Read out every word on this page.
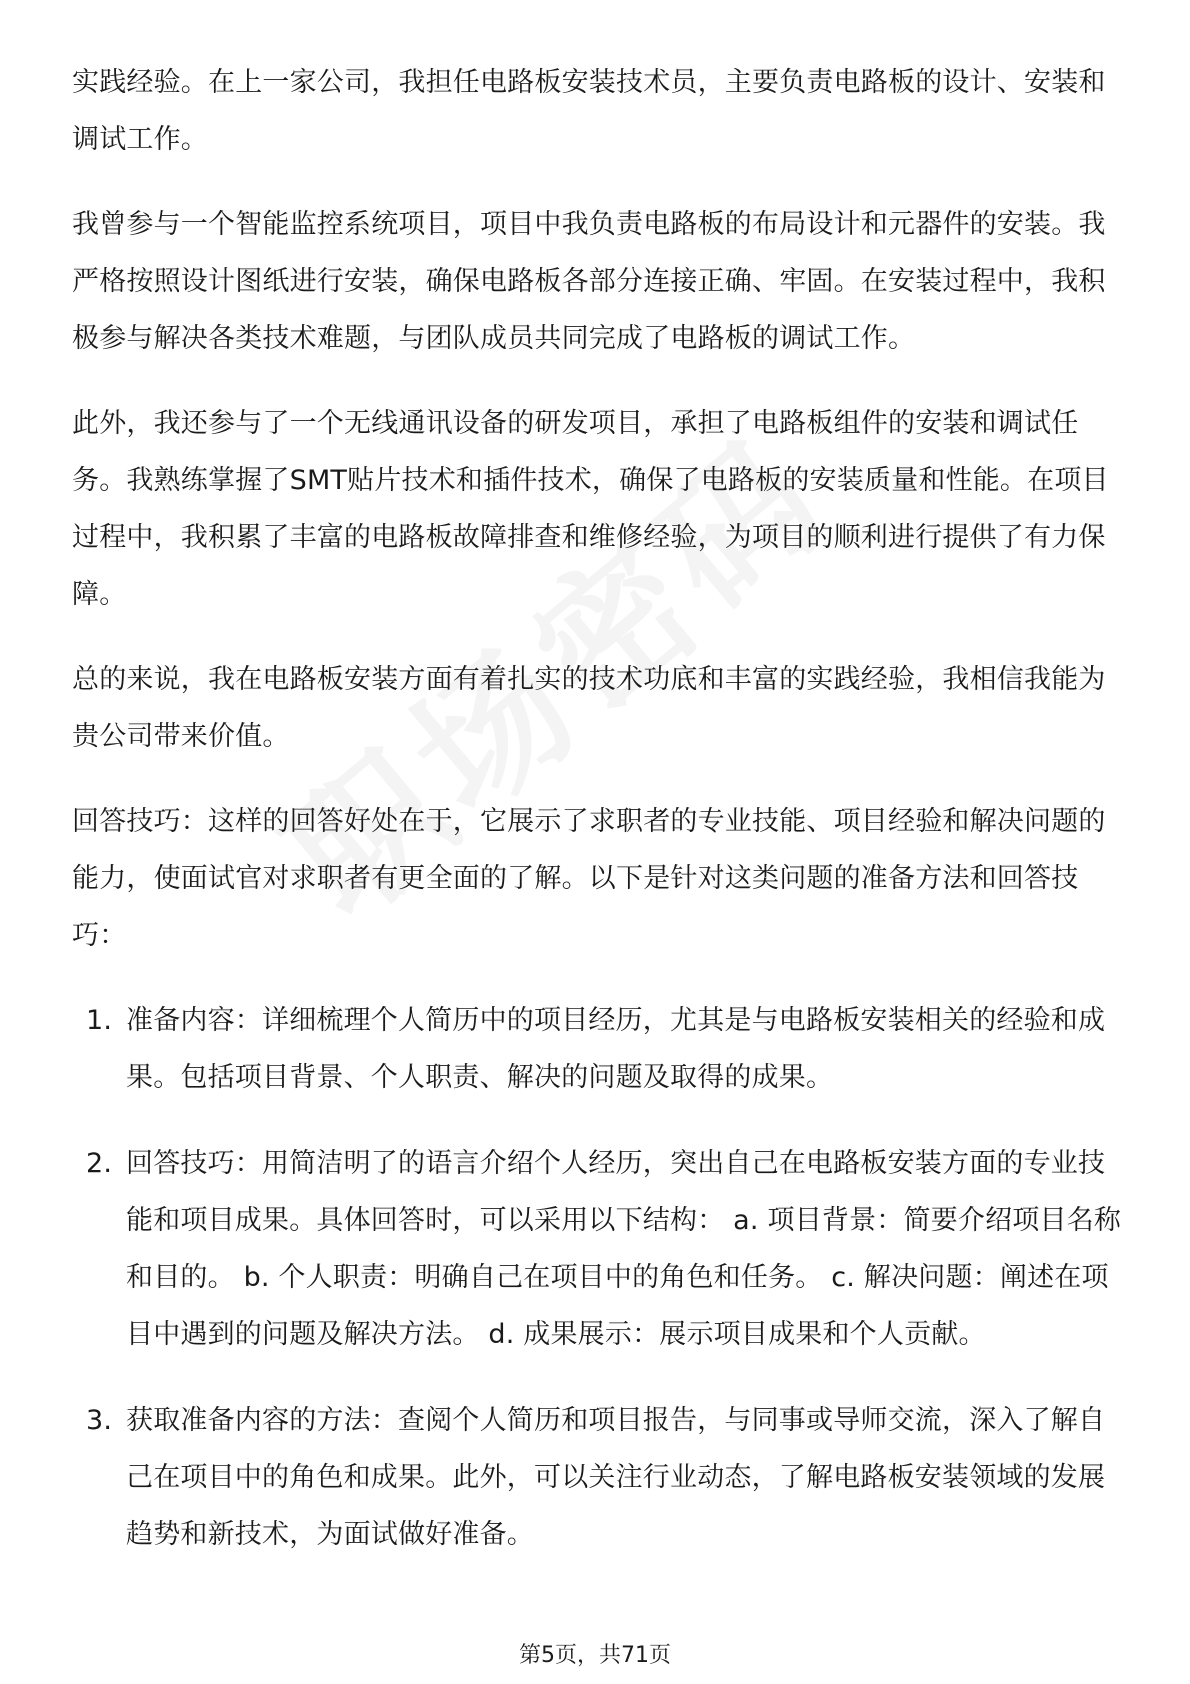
实践经验。在上一家公司，我担任电路板安装技术员，主要负责电路板的设计、安装和调试工作。

我曾参与一个智能监控系统项目，项目中我负责电路板的布局设计和元器件的安装。我严格按照设计图纸进行安装，确保电路板各部分连接正确、牢固。在安装过程中，我积极参与解决各类技术难题，与团队成员共同完成了电路板的调试工作。

此外，我还参与了一个无线通讯设备的研发项目，承担了电路板组件的安装和调试任务。我熟练掌握了SMT贴片技术和插件技术，确保了电路板的安装质量和性能。在项目过程中，我积累了丰富的电路板故障排查和维修经验，为项目的顺利进行提供了有力保障。

总的来说，我在电路板安装方面有着扎实的技术功底和丰富的实践经验，我相信我能为贵公司带来价值。

回答技巧：这样的回答好处在于，它展示了求职者的专业技能、项目经验和解决问题的能力，使面试官对求职者有更全面的了解。以下是针对这类问题的准备方法和回答技巧：

1. 准备内容：详细梳理个人简历中的项目经历，尤其是与电路板安装相关的经验和成果。包括项目背景、个人职责、解决的问题及取得的成果。
2. 回答技巧：用简洁明了的语言介绍个人经历，突出自己在电路板安装方面的专业技能和项目成果。具体回答时，可以采用以下结构： a. 项目背景：简要介绍项目名称和目的。 b. 个人职责：明确自己在项目中的角色和任务。 c. 解决问题：阐述在项目中遇到的问题及解决方法。 d. 成果展示：展示项目成果和个人贡献。
3. 获取准备内容的方法：查阅个人简历和项目报告，与同事或导师交流，深入了解自己在项目中的角色和成果。此外，可以关注行业动态，了解电路板安装领域的发展趋势和新技术，为面试做好准备。
第5页，共71页
